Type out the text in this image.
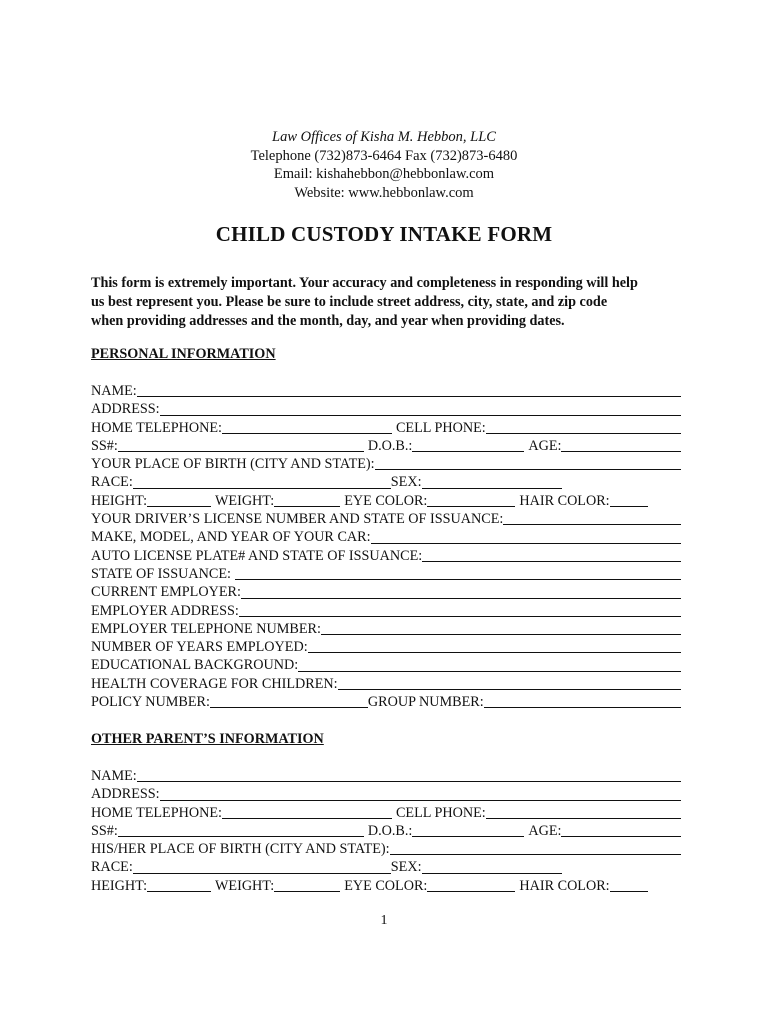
Law Offices of Kisha M. Hebbon, LLC
Telephone (732)873-6464 Fax (732)873-6480
Email: kishahebbon@hebbonlaw.com
Website: www.hebbonlaw.com
CHILD CUSTODY INTAKE FORM
This form is extremely important. Your accuracy and completeness in responding will help
us best represent you. Please be sure to include street address, city, state, and zip code
when providing addresses and the month, day, and year when providing dates.
PERSONAL INFORMATION
NAME:
ADDRESS:
HOME TELEPHONE:	CELL PHONE:
SS#:	D.O.B.:	AGE:
YOUR PLACE OF BIRTH (CITY AND STATE):
RACE:	SEX:
HEIGHT:	WEIGHT:	EYE COLOR:	HAIR COLOR:
YOUR DRIVER’S LICENSE NUMBER AND STATE OF ISSUANCE:
MAKE, MODEL, AND YEAR OF YOUR CAR:
AUTO LICENSE PLATE# AND STATE OF ISSUANCE:
STATE OF ISSUANCE:
CURRENT EMPLOYER:
EMPLOYER ADDRESS:
EMPLOYER TELEPHONE NUMBER:
NUMBER OF YEARS EMPLOYED:
EDUCATIONAL BACKGROUND:
HEALTH COVERAGE FOR CHILDREN:
POLICY NUMBER:	GROUP NUMBER:
OTHER PARENT’S INFORMATION
NAME:
ADDRESS:
HOME TELEPHONE:	CELL PHONE:
SS#:	D.O.B.:	AGE:
HIS/HER PLACE OF BIRTH (CITY AND STATE):
RACE:	SEX:
HEIGHT:	WEIGHT:	EYE COLOR:	HAIR COLOR:
1
